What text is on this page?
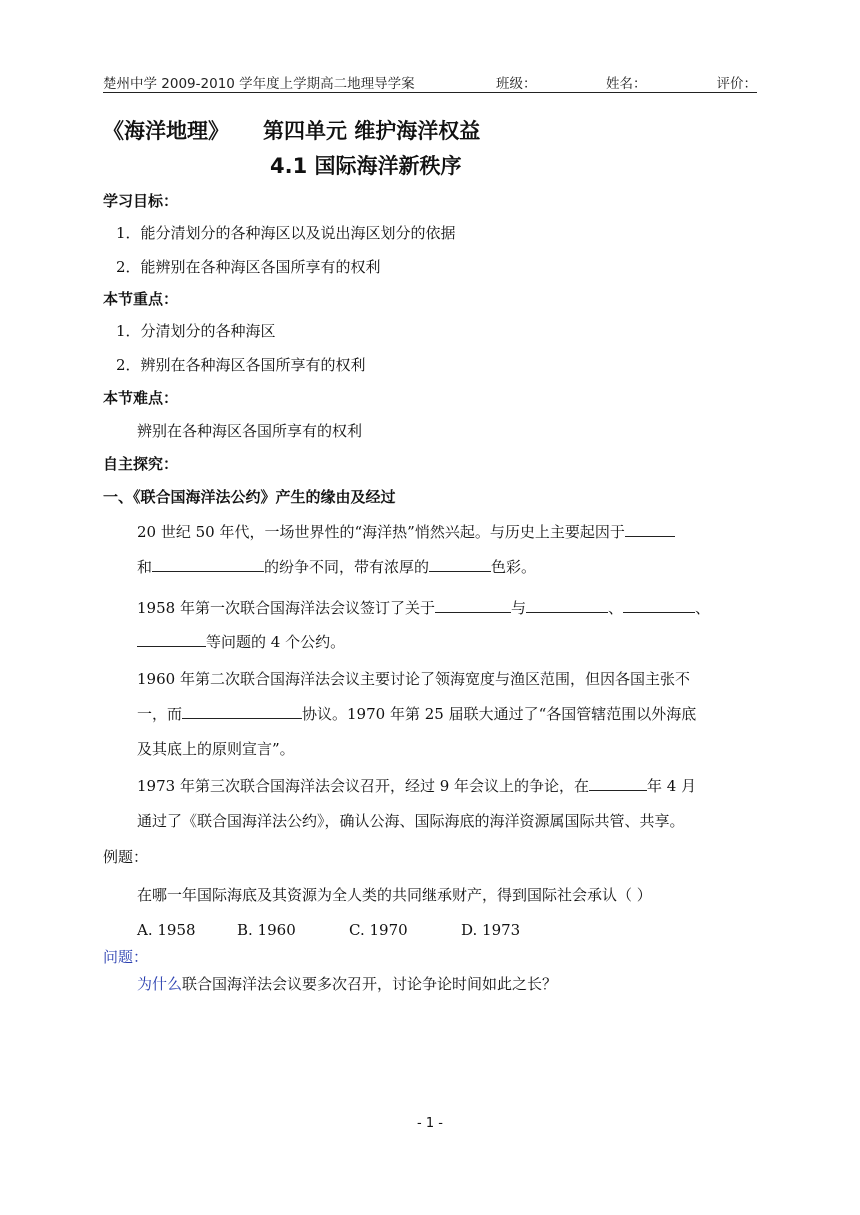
楚州中学 2009-2010 学年度上学期高二地理导学案	班级：	姓名：	评价：
《海洋地理》 第四单元 维护海洋权益
4.1 国际海洋新秩序
学习目标：
1．能分清划分的各种海区以及说出海区划分的依据
2．能辨别在各种海区各国所享有的权利
本节重点：
1．分清划分的各种海区
2．辨别在各种海区各国所享有的权利
本节难点：
辨别在各种海区各国所享有的权利
自主探究：
一、《联合国海洋法公约》产生的缘由及经过
20 世纪 50 年代，一场世界性的“海洋热”悄然兴起。与历史上主要起因于
和	的纷争不同，带有浓厚的	色彩。
1958 年第一次联合国海洋法会议签订了关于	与	、	、
等问题的 4 个公约。
1960 年第二次联合国海洋法会议主要讨论了领海宽度与渔区范围，但因各国主张不
一，而	协议。1970 年第 25 届联大通过了“各国管辖范围以外海底
及其底上的原则宣言”。
1973 年第三次联合国海洋法会议召开，经过 9 年会议上的争论，在	年 4 月
通过了《联合国海洋法公约》，确认公海、国际海底的海洋资源属国际共管、共享。
例题：
在哪一年国际海底及其资源为全人类的共同继承财产，得到国际社会承认（ ）
A. 1958	B. 1960	C. 1970	D. 1973
问题：
为什么联合国海洋法会议要多次召开，讨论争论时间如此之长？
- 1 -
